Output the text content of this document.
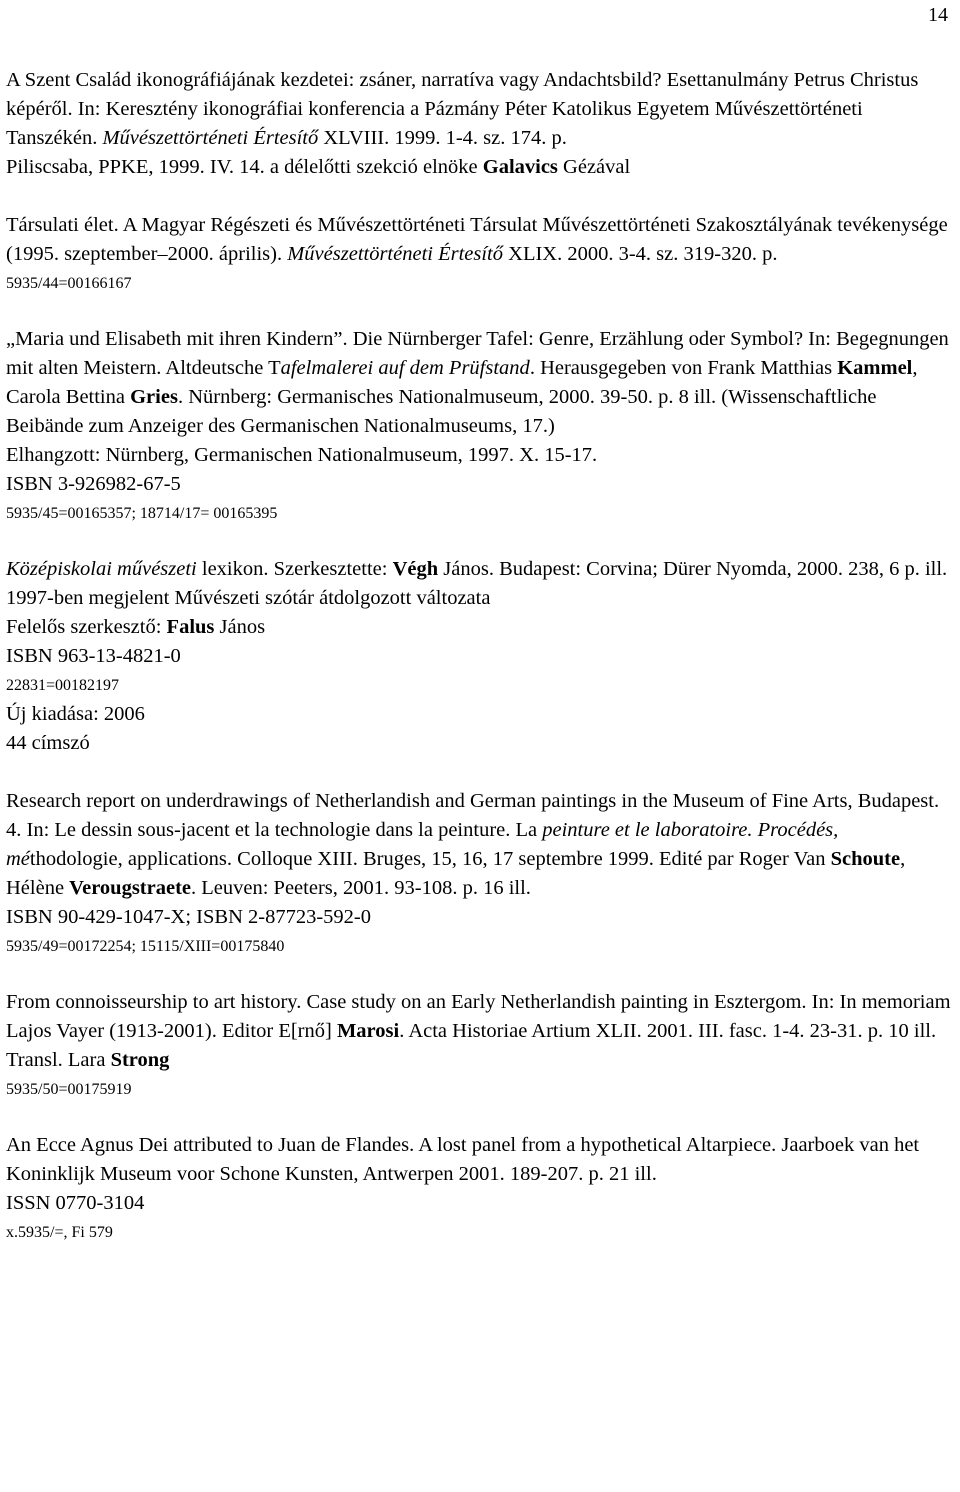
14

A Szent Család ikonográfiájának kezdetei: zsáner, narratíva vagy Andachtsbild? Esettanulmány Petrus Christus képéről. In: Keresztény ikonográfiai konferencia a Pázmány Péter Katolikus Egyetem Művészettörténeti Tanszékén. Művészettörténeti Értesítő XLVIII. 1999. 1-4. sz. 174. p.

Piliscsaba, PPKE, 1999. IV. 14. a délelőtti szekció elnöke Galavics Gézával

Társulati élet. A Magyar Régészeti és Művészettörténeti Társulat Művészettörténeti Szakosztályának tevékenysége (1995. szeptember–2000. április). Művészettörténeti Értesítő XLIX. 2000. 3-4. sz. 319-320. p.

5935/44=00166167

„Maria und Elisabeth mit ihren Kindern”. Die Nürnberger Tafel: Genre, Erzählung oder Symbol? In: Begegnungen mit alten Meistern. Altdeutsche Tafelmalerei auf dem Prüfstand. Herausgegeben von Frank Matthias Kammel, Carola Bettina Gries. Nürnberg: Germanisches Nationalmuseum, 2000. 39-50. p. 8 ill. (Wissenschaftliche Beibände zum Anzeiger des Germanischen Nationalmuseums, 17.)

Elhangzott: Nürnberg, Germanischen Nationalmuseum, 1997. X. 15-17.

ISBN 3-926982-67-5

5935/45=00165357; 18714/17= 00165395

Középiskolai művészeti lexikon. Szerkesztette: Végh János. Budapest: Corvina; Dürer Nyomda, 2000. 238, 6 p. ill.

1997-ben megjelent Művészeti szótár átdolgozott változata

Felelős szerkesztő: Falus János

ISBN 963-13-4821-0

22831=00182197

Új kiadása: 2006

44 címszó

Research report on underdrawings of Netherlandish and German paintings in the Museum of Fine Arts, Budapest. 4. In: Le dessin sous-jacent et la technologie dans la peinture. La peinture et le laboratoire. Procédés, méthodologie, applications. Colloque XIII. Bruges, 15, 16, 17 septembre 1999. Edité par Roger Van Schoute, Hélène Verougstraete. Leuven: Peeters, 2001. 93-108. p. 16 ill.

ISBN 90-429-1047-X; ISBN 2-87723-592-0

5935/49=00172254; 15115/XIII=00175840

From connoisseurship to art history. Case study on an Early Netherlandish painting in Esztergom. In: In memoriam Lajos Vayer (1913-2001). Editor E[rnő] Marosi. Acta Historiae Artium XLII. 2001. III. fasc. 1-4. 23-31. p. 10 ill.

Transl. Lara Strong

5935/50=00175919

An Ecce Agnus Dei attributed to Juan de Flandes. A lost panel from a hypothetical Altarpiece. Jaarboek van het Koninklijk Museum voor Schone Kunsten, Antwerpen 2001. 189-207. p. 21 ill.

ISSN 0770-3104

x.5935/=, Fi 579
